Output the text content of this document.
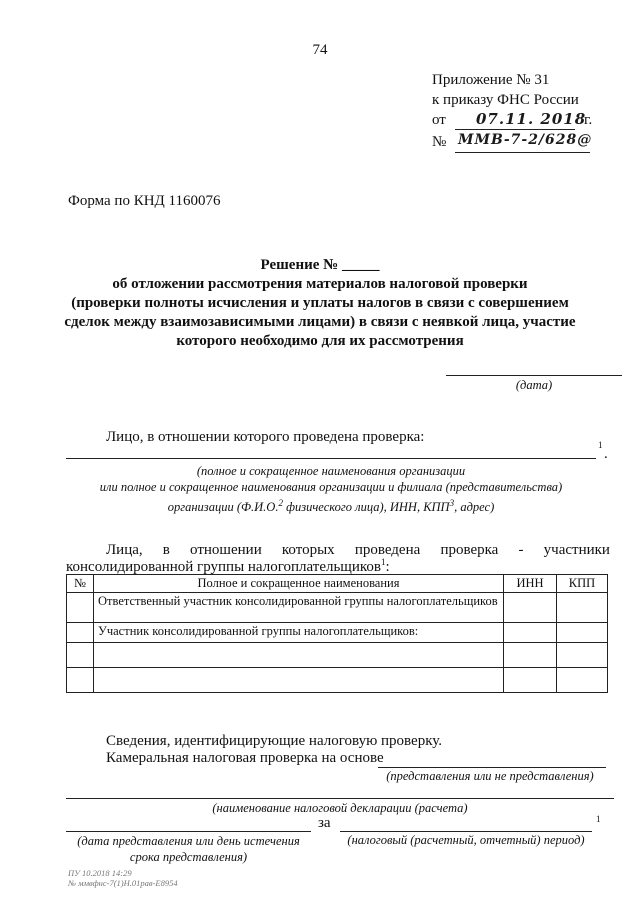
74
Приложение № 31
к приказу ФНС России
от 07.11. 2018
г.
№ ММВ-7-2/628@
Форма по КНД 1160076
Решение № _____
об отложении рассмотрения материалов налоговой проверки
(проверки полноты исчисления и уплаты налогов в связи с совершением
сделок между взаимозависимыми лицами) в связи с неявкой лица, участие
которого необходимо для их рассмотрения
(дата)
Лицо, в отношении которого проведена проверка:	1
.
(полное и сокращенное наименования организации
или полное и сокращенное наименования организации и филиала (представительства)
организации (Ф.И.О.$^2$ физического лица), ИНН, КПП$^3$, адрес)
Лица, в отношении которых проведена проверка - участники
консолидированной группы налогоплательщиков$^1$:
№	Полное и сокращенное наименования	ИНН	КПП
	Ответственный участник консолидированной группы налогоплательщиков		
	Участник консолидированной группы налогоплательщиков:		

Сведения, идентифицирующие налоговую проверку.
Камеральная налоговая проверка на основе
(представления или не представления)
(наименование налоговой декларации (расчета)
за	1
(дата представления или день истечения
срока представления)
(налоговый (расчетный, отчетный) период)
ПУ 10.2018 14:29
№ ммвфнс-7(1)Н.01рав-Е8954
